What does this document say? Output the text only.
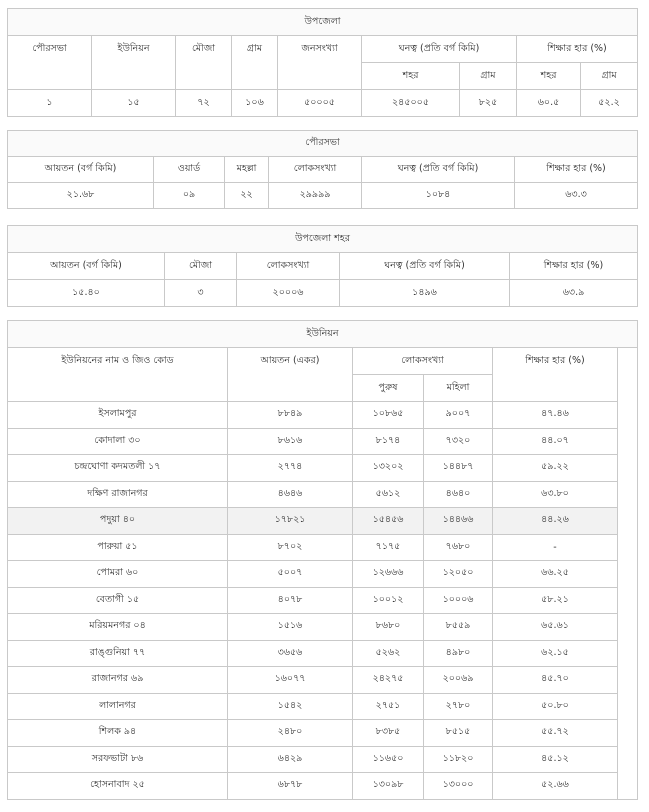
উপজেলা								
পৌরসভা	ইউনিয়ন	মৌজা	গ্রাম	জনসংখ্যা	ঘনত্ব (প্রতি বর্গ কিমি)		শিক্ষার হার (%)	
					শহর	গ্রাম	শহর	গ্রাম
১	১৫	৭২	১০৬	৫০০০৫	২৪৫০০৫	৮২৫	৬০.৫	৫২.২
পৌরসভা					
আয়তন (বর্গ কিমি)	ওয়ার্ড	মহল্লা	লোকসংখ্যা	ঘনত্ব (প্রতি বর্গ কিমি)	শিক্ষার হার (%)
২১.৬৮	০৯	২২	২৯৯৯৯	১০৮৪	৬৩.৩
উপজেলা শহর				
আয়তন (বর্গ কিমি)	মৌজা	লোকসংখ্যা	ঘনত্ব (প্রতি বর্গ কিমি)	শিক্ষার হার (%)
১৫.৪০	৩	২০০০৬	১৪৯৬	৬৩.৯
ইউনিয়ন					
ইউনিয়নের নাম ও জিও কোড	আয়তন (একর)	লোকসংখ্যা		শিক্ষার হার (%)	
		পুরুষ	মহিলা		
ইসলামপুর	৮৮৪৯	১০৮৬৫	৯০০৭	৪৭.৪৬	
কোদালা ৩০	৮৬১৬	৮১৭৪	৭৩২০	৪৪.০৭	
চন্দ্রঘোণা কদমতলী ১৭	২৭৭৪	১৩২০২	১৪৪৮৭	৫৯.২২	
দক্ষিণ রাজানগর	৪৬৪৬	৫৬১২	৪৬৪০	৬৩.৮০	
পদুয়া ৪০	১৭৮২১	১৫৪৫৬	১৪৪৬৬	৪৪.২৬	
পারুয়া ৫১	৮৭০২	৭১৭৫	৭৬৮০	-	
পোমরা ৬০	৫০০৭	১২৬৬৬	১২০৫০	৬৬.২৫	
বেতাগী ১৫	৪০৭৮	১০০১২	১০০০৬	৫৮.২১	
মরিয়মনগর ০৪	১৫১৬	৮৬৮০	৮৫৫৯	৬৫.৬১	
রাঙ্গুনিয়া ৭৭	৩৬৫৬	৫২৬২	৪৯৮০	৬২.১৫	
রাজানগর ৬৯	১৬০৭৭	২৪২৭৫	২০০৬৯	৪৫.৭০	
লালানগর	১৫৪২	২৭৫১	২৭৮০	৫০.৮০	
শিলক ৯৪	২৪৮০	৮৩৮৫	৮৫১৫	৫৫.৭২	
সরফভাটা ৮৬	৬৪২৯	১১৬৫০	১১৮২০	৪৫.১২	
হোসনাবাদ ২৫	৬৮৭৮	১৩০৯৮	১৩০০০	৫২.৬৬	
